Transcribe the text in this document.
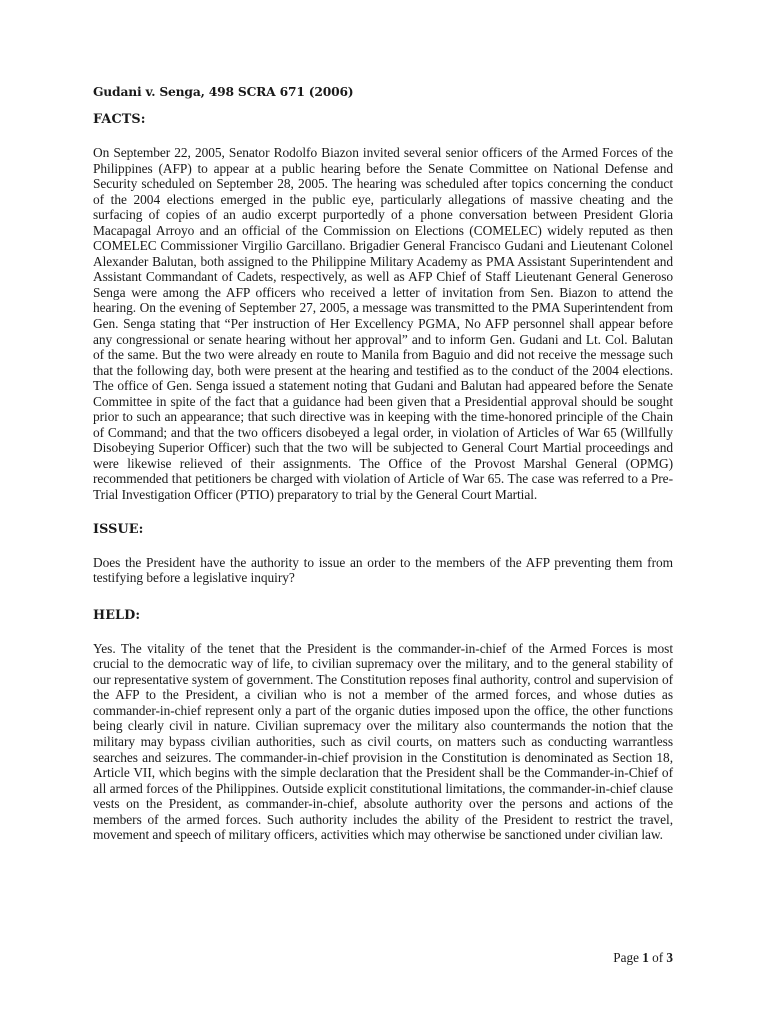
Gudani v. Senga, 498 SCRA 671 (2006)
FACTS:

On September 22, 2005, Senator Rodolfo Biazon invited several senior officers of the Armed Forces of the Philippines (AFP) to appear at a public hearing before the Senate Committee on National Defense and Security scheduled on September 28, 2005. The hearing was scheduled after topics concerning the conduct of the 2004 elections emerged in the public eye, particularly allegations of massive cheating and the surfacing of copies of an audio excerpt purportedly of a phone conversation between President Gloria Macapagal Arroyo and an official of the Commission on Elections (COMELEC) widely reputed as then COMELEC Commissioner Virgilio Garcillano. Brigadier General Francisco Gudani and Lieutenant Colonel Alexander Balutan, both assigned to the Philippine Military Academy as PMA Assistant Superintendent and Assistant Commandant of Cadets, respectively, as well as AFP Chief of Staff Lieutenant General Generoso Senga were among the AFP officers who received a letter of invitation from Sen. Biazon to attend the hearing. On the evening of September 27, 2005, a message was transmitted to the PMA Superintendent from Gen. Senga stating that “Per instruction of Her Excellency PGMA, No AFP personnel shall appear before any congressional or senate hearing without her approval” and to inform Gen. Gudani and Lt. Col. Balutan of the same. But the two were already en route to Manila from Baguio and did not receive the message such that the following day, both were present at the hearing and testified as to the conduct of the 2004 elections. The office of Gen. Senga issued a statement noting that Gudani and Balutan had appeared before the Senate Committee in spite of the fact that a guidance had been given that a Presidential approval should be sought prior to such an appearance; that such directive was in keeping with the time-honored principle of the Chain of Command; and that the two officers disobeyed a legal order, in violation of Articles of War 65 (Willfully Disobeying Superior Officer) such that the two will be subjected to General Court Martial proceedings and were likewise relieved of their assignments. The Office of the Provost Marshal General (OPMG) recommended that petitioners be charged with violation of Article of War 65. The case was referred to a Pre-Trial Investigation Officer (PTIO) preparatory to trial by the General Court Martial.

ISSUE:

Does the President have the authority to issue an order to the members of the AFP preventing them from testifying before a legislative inquiry?

HELD:

Yes. The vitality of the tenet that the President is the commander-in-chief of the Armed Forces is most crucial to the democratic way of life, to civilian supremacy over the military, and to the general stability of our representative system of government. The Constitution reposes final authority, control and supervision of the AFP to the President, a civilian who is not a member of the armed forces, and whose duties as commander-in-chief represent only a part of the organic duties imposed upon the office, the other functions being clearly civil in nature. Civilian supremacy over the military also countermands the notion that the military may bypass civilian authorities, such as civil courts, on matters such as conducting warrantless searches and seizures. The commander-in-chief provision in the Constitution is denominated as Section 18, Article VII, which begins with the simple declaration that the President shall be the Commander-in-Chief of all armed forces of the Philippines. Outside explicit constitutional limitations, the commander-in-chief clause vests on the President, as commander-in-chief, absolute authority over the persons and actions of the members of the armed forces. Such authority includes the ability of the President to restrict the travel, movement and speech of military officers, activities which may otherwise be sanctioned under civilian law.

Page 1 of 3
